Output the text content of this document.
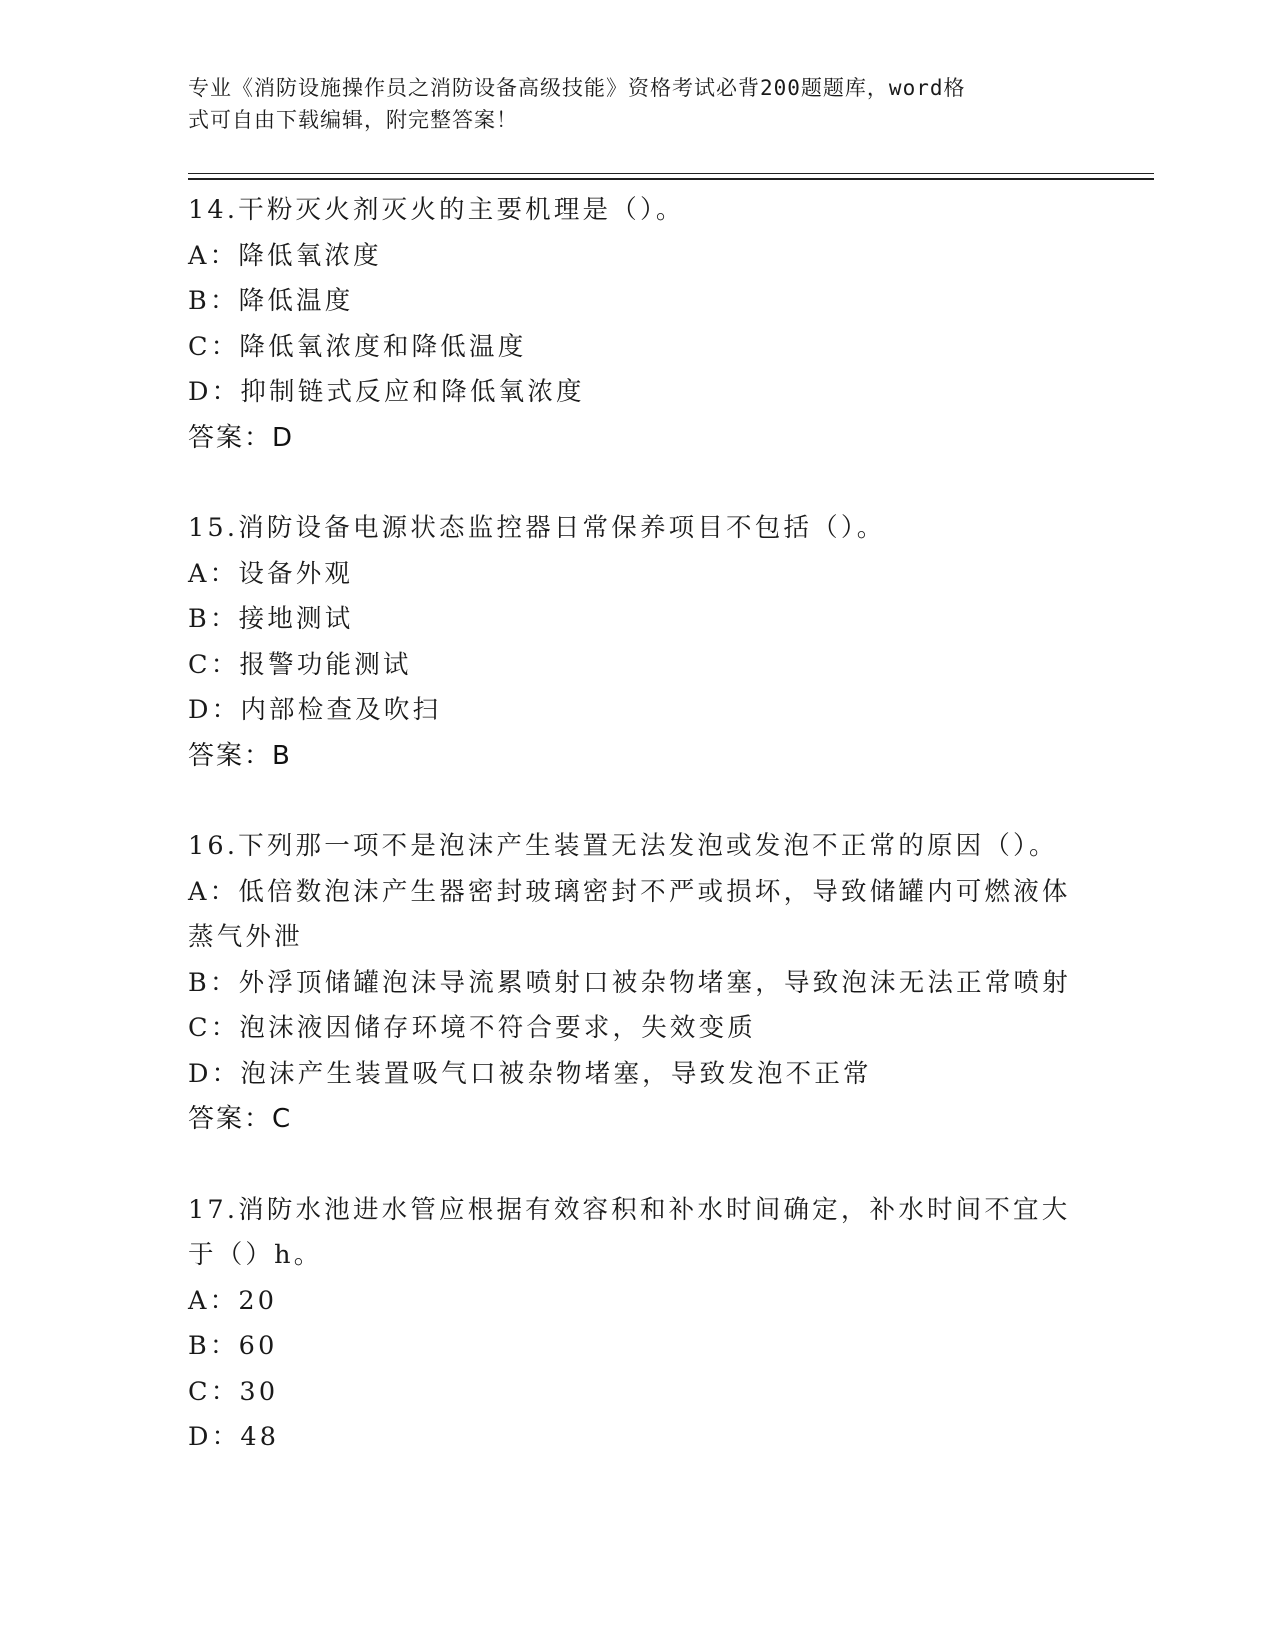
专业《消防设施操作员之消防设备高级技能》资格考试必背200题题库，word格
式可自由下载编辑，附完整答案！
14.干粉灭火剂灭火的主要机理是（）。
A：降低氧浓度
B：降低温度
C：降低氧浓度和降低温度
D：抑制链式反应和降低氧浓度
答案：D
15.消防设备电源状态监控器日常保养项目不包括（）。
A：设备外观
B：接地测试
C：报警功能测试
D：内部检查及吹扫
答案：B
16.下列那一项不是泡沫产生装置无法发泡或发泡不正常的原因（）。
A：低倍数泡沫产生器密封玻璃密封不严或损坏，导致储罐内可燃液体蒸气外泄
B：外浮顶储罐泡沫导流累喷射口被杂物堵塞，导致泡沫无法正常喷射
C：泡沫液因储存环境不符合要求，失效变质
D：泡沫产生装置吸气口被杂物堵塞，导致发泡不正常
答案：C
17.消防水池进水管应根据有效容积和补水时间确定，补水时间不宜大于（）h。
A：20
B：60
C：30
D：48
